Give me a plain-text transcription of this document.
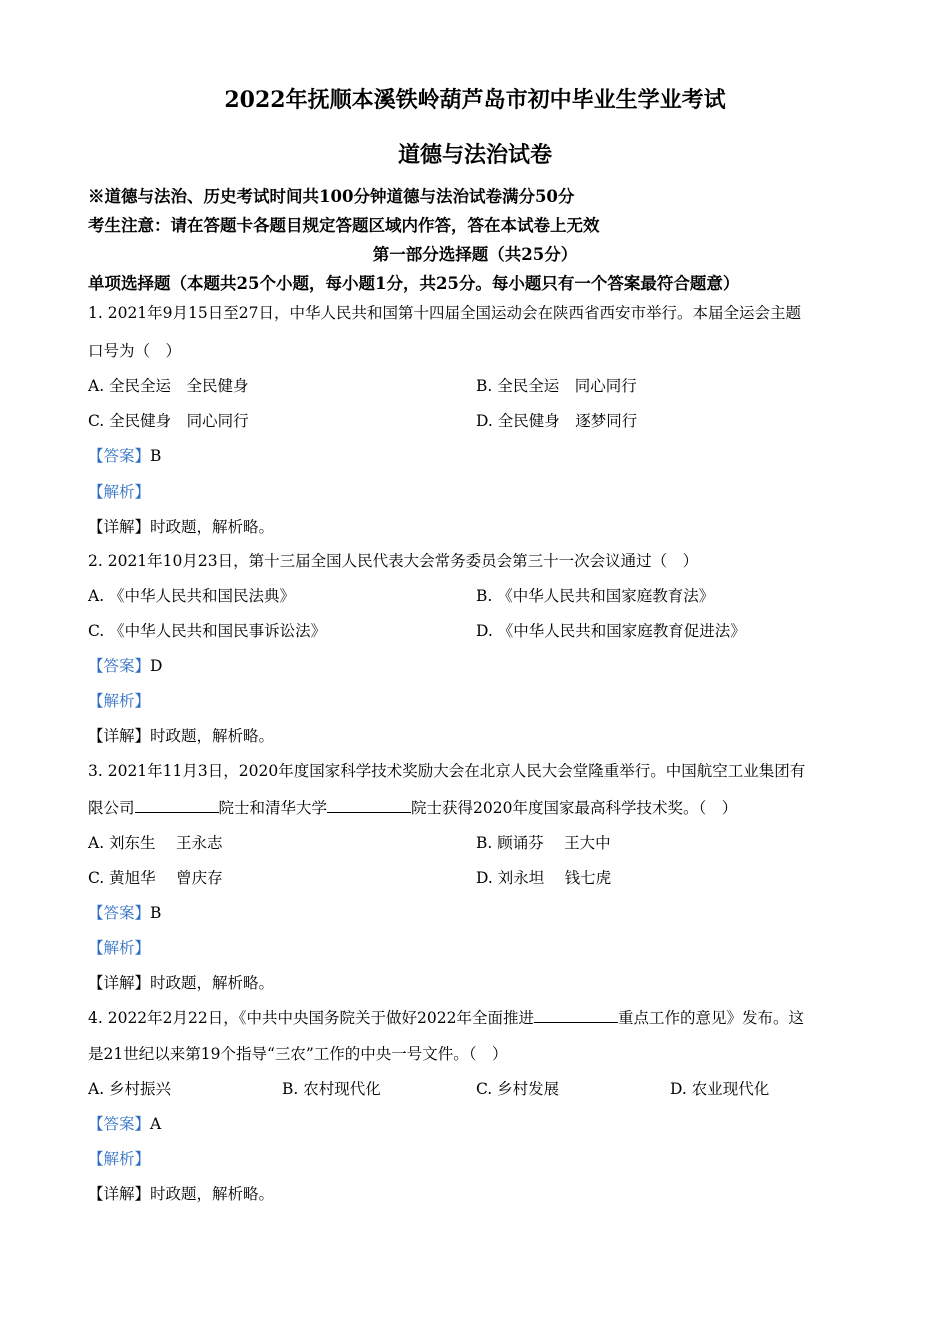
2022年抚顺本溪铁岭葫芦岛市初中毕业生学业考试
道德与法治试卷
※道德与法治、历史考试时间共100分钟道德与法治试卷满分50分
考生注意：请在答题卡各题目规定答题区域内作答，答在本试卷上无效
第一部分选择题（共25分）
单项选择题（本题共25个小题，每小题1分，共25分。每小题只有一个答案最符合题意）
1. 2021年9月15日至27日，中华人民共和国第十四届全国运动会在陕西省西安市举行。本届全运会主题
口号为（　）
A. 全民全运　全民健身	B. 全民全运　同心同行
C. 全民健身　同心同行	D. 全民健身　逐梦同行
【答案】B
【解析】
【详解】时政题，解析略。
2. 2021年10月23日，第十三届全国人民代表大会常务委员会第三十一次会议通过（　）
A. 《中华人民共和国民法典》	B. 《中华人民共和国家庭教育法》
C. 《中华人民共和国民事诉讼法》	D. 《中华人民共和国家庭教育促进法》
【答案】D
【解析】
【详解】时政题，解析略。
3. 2021年11月3日，2020年度国家科学技术奖励大会在北京人民大会堂隆重举行。中国航空工业集团有
限公司	院士和清华大学	院士获得2020年度国家最高科学技术奖。（　）
A. 刘东生　 王永志	B. 顾诵芬　 王大中
C. 黄旭华　 曾庆存	D. 刘永坦　 钱七虎
【答案】B
【解析】
【详解】时政题，解析略。
4. 2022年2月22日，《中共中央国务院关于做好2022年全面推进	重点工作的意见》发布。这
是21世纪以来第19个指导“三农”工作的中央一号文件。（　）
A. 乡村振兴	B. 农村现代化	C. 乡村发展	D. 农业现代化
【答案】A
【解析】
【详解】时政题，解析略。
